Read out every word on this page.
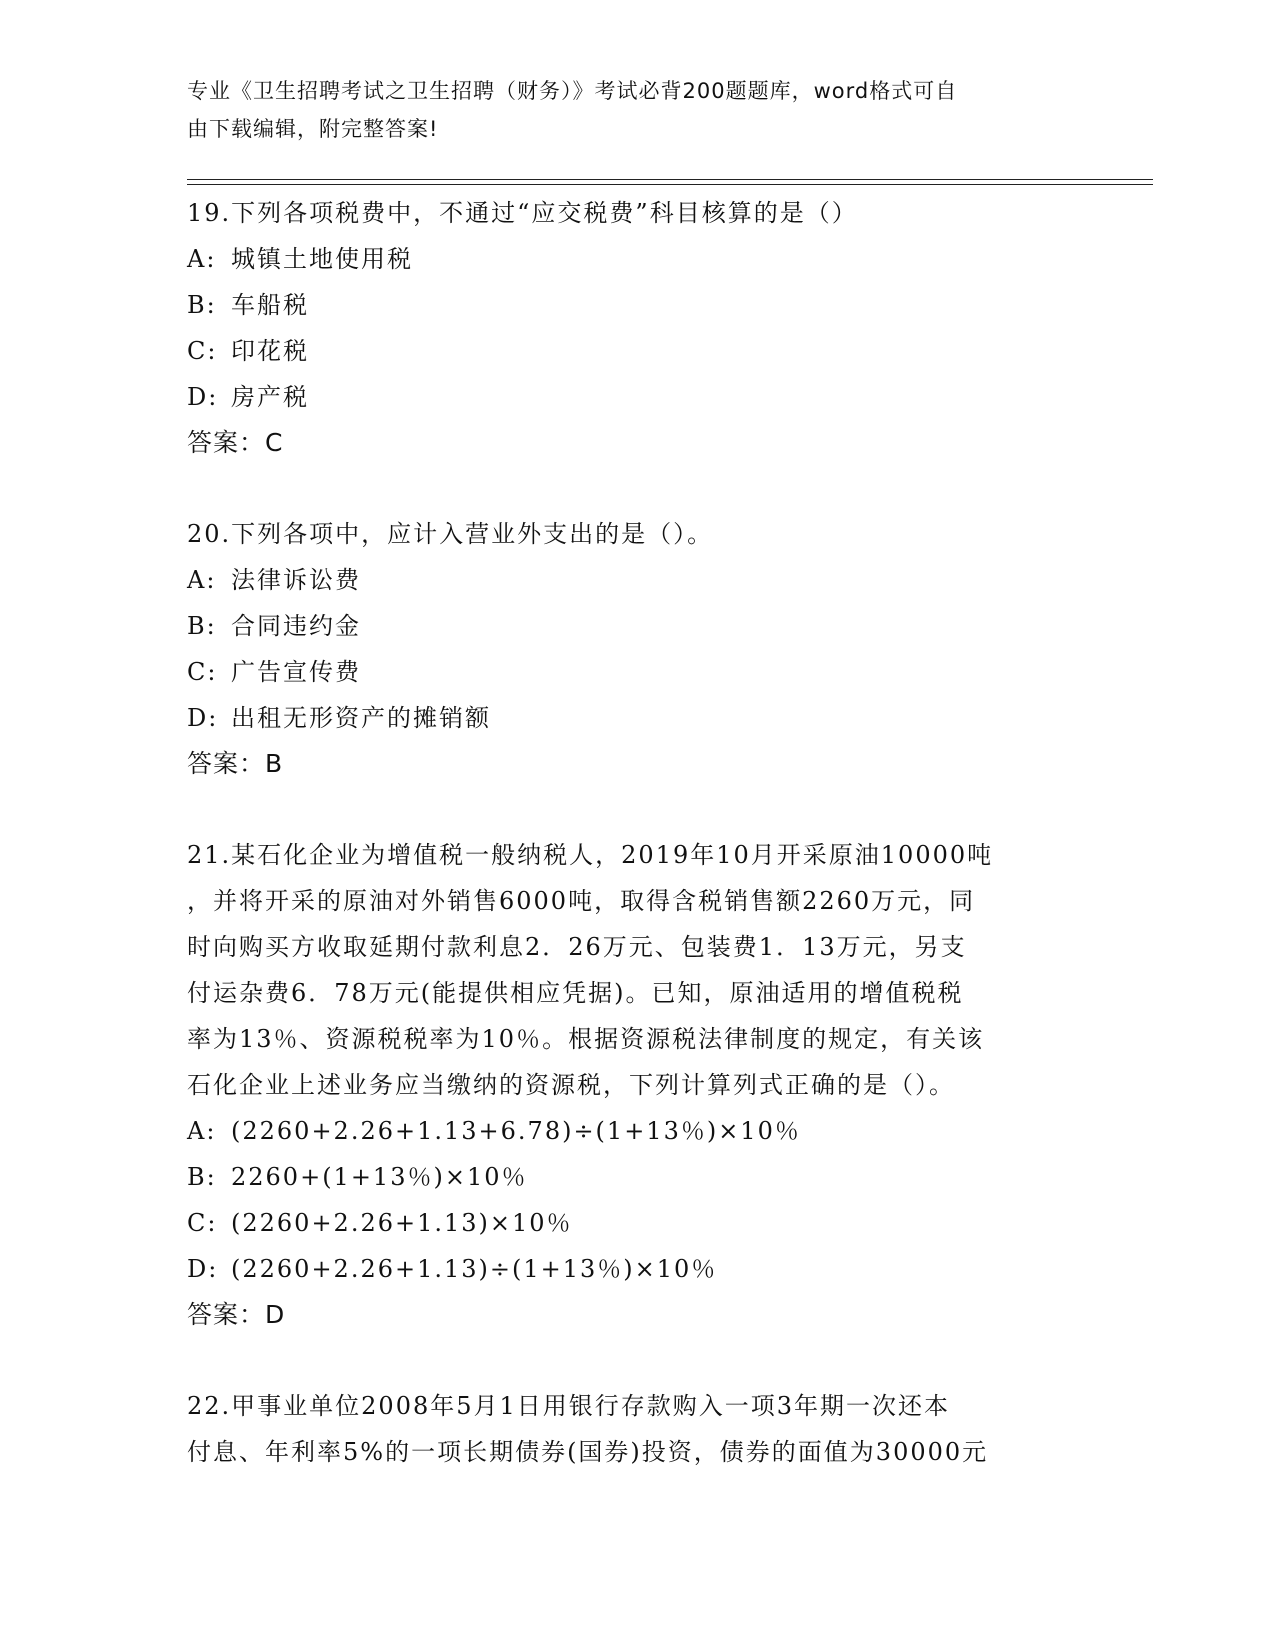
专业《卫生招聘考试之卫生招聘（财务）》考试必背200题题库，word格式可自
由下载编辑，附完整答案!
19.下列各项税费中，不通过“应交税费”科目核算的是（）
A: 城镇土地使用税
B: 车船税
C: 印花税
D: 房产税
答案：C
20.下列各项中，应计入营业外支出的是（）。
A: 法律诉讼费
B: 合同违约金
C: 广告宣传费
D: 出租无形资产的摊销额
答案：B
21.某石化企业为增值税一般纳税人，2019年10月开采原油10000吨
，并将开采的原油对外销售6000吨，取得含税销售额2260万元，同
时向购买方收取延期付款利息2．26万元、包装费1．13万元，另支
付运杂费6．78万元(能提供相应凭据)。已知，原油适用的增值税税
率为13％、资源税税率为10％。根据资源税法律制度的规定，有关该
石化企业上述业务应当缴纳的资源税，下列计算列式正确的是（）。
A: (2260+2.26+1.13+6.78)÷(1+13％)×10％
B: 2260+(1+13％)×10％
C: (2260+2.26+1.13)×10％
D: (2260+2.26+1.13)÷(1+13％)×10％
答案：D
22.甲事业单位2008年5月1日用银行存款购入一项3年期一次还本
付息、年利率5%的一项长期债券(国券)投资，债券的面值为30000元
